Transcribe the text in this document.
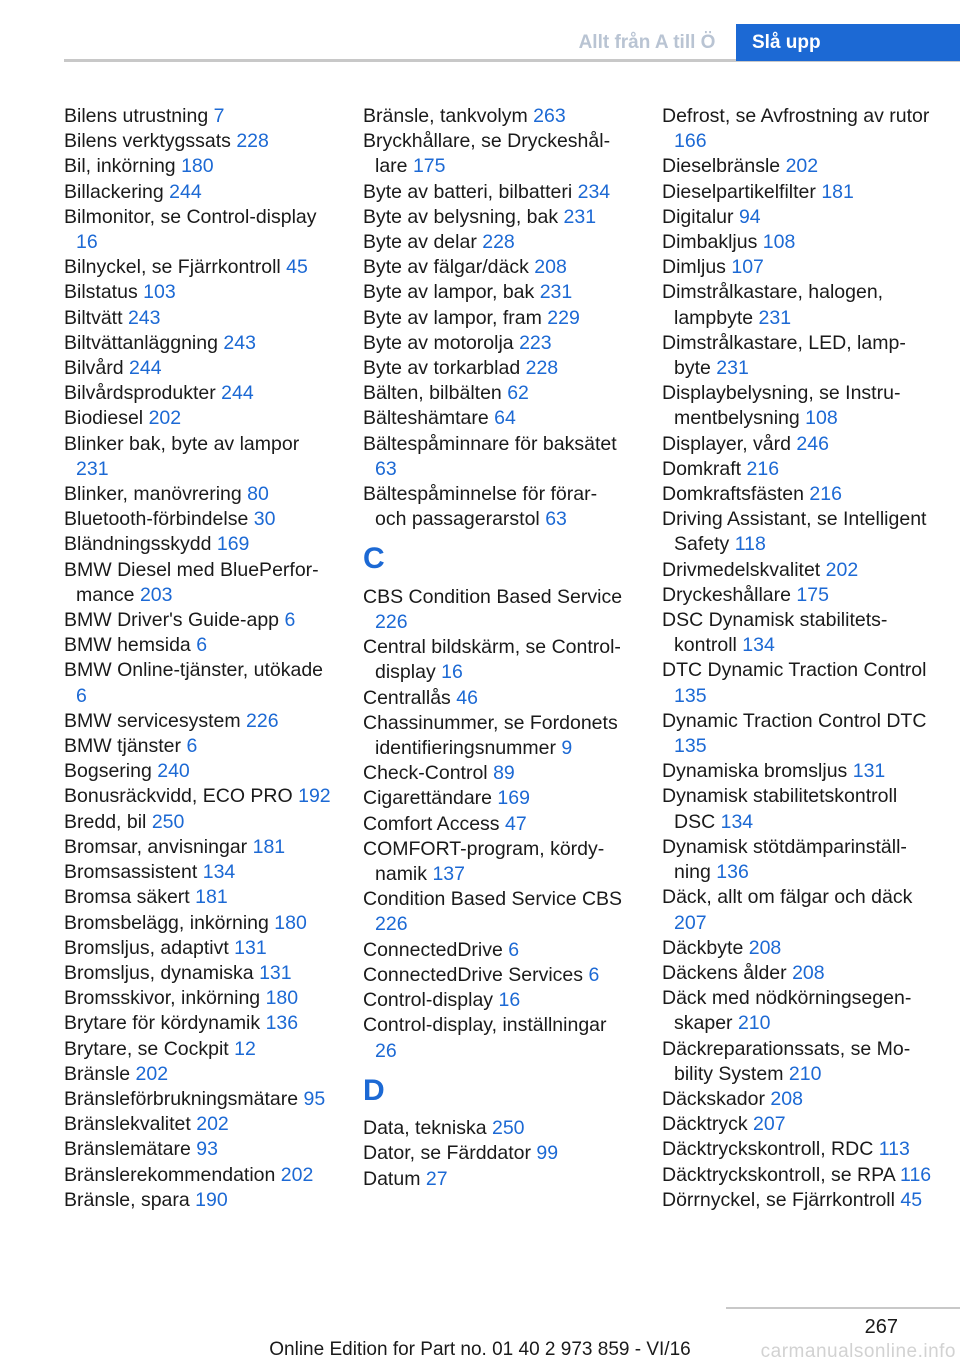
Allt från A till Ö	Slå upp
Bilens utrustning 7
Bilens verktygssats 228
Bil, inkörning 180
Billackering 244
Bilmonitor, se Control-display 16
Bilnyckel, se Fjärrkontroll 45
Bilstatus 103
Biltvätt 243
Biltvättanläggning 243
Bilvård 244
Bilvårdsprodukter 244
Biodiesel 202
Blinker bak, byte av lampor 231
Blinker, manövrering 80
Bluetooth-förbindelse 30
Bländningsskydd 169
BMW Diesel med BluePerformance 203
BMW Driver's Guide-app 6
BMW hemsida 6
BMW Online-tjänster, utökade 6
BMW servicesystem 226
BMW tjänster 6
Bogsering 240
Bonusräckvidd, ECO PRO 192
Bredd, bil 250
Bromsar, anvisningar 181
Bromsassistent 134
Bromsa säkert 181
Bromsbelägg, inkörning 180
Bromsljus, adaptivt 131
Bromsljus, dynamiska 131
Bromsskivor, inkörning 180
Brytare för kördynamik 136
Brytare, se Cockpit 12
Bränsle 202
Bränsleförbrukningsmätare 95
Bränslekvalitet 202
Bränslemätare 93
Bränslerekommendation 202
Bränsle, spara 190
Bränsle, tankvolym 263
Bryckhållare, se Dryckeshållare 175
Byte av batteri, bilbatteri 234
Byte av belysning, bak 231
Byte av delar 228
Byte av fälgar/däck 208
Byte av lampor, bak 231
Byte av lampor, fram 229
Byte av motorolja 223
Byte av torkarblad 228
Bälten, bilbälten 62
Bälteshämtare 64
Bältespåminnare för baksätet 63
Bältespåminnelse för förar- och passagerarstol 63
C
CBS Condition Based Service 226
Central bildskärm, se Control-display 16
Centrallås 46
Chassinummer, se Fordonets identifieringsnummer 9
Check-Control 89
Cigarettändare 169
Comfort Access 47
COMFORT-program, kördynamik 137
Condition Based Service CBS 226
ConnectedDrive 6
ConnectedDrive Services 6
Control-display 16
Control-display, inställningar 26
D
Data, tekniska 250
Dator, se Färddator 99
Datum 27
Defrost, se Avfrostning av rutor 166
Dieselbränsle 202
Dieselpartikelfilter 181
Digitalur 94
Dimbakljus 108
Dimljus 107
Dimstrålkastare, halogen, lampbyte 231
Dimstrålkastare, LED, lampbyte 231
Displaybelysning, se Instrumentbelysning 108
Displayer, vård 246
Domkraft 216
Domkraftsfästen 216
Driving Assistant, se Intelligent Safety 118
Drivmedelskvalitet 202
Dryckeshållare 175
DSC Dynamisk stabilitetskontroll 134
DTC Dynamic Traction Control 135
Dynamic Traction Control DTC 135
Dynamiska bromsljus 131
Dynamisk stabilitetskontroll DSC 134
Dynamisk stötdämparinställning 136
Däck, allt om fälgar och däck 207
Däckbyte 208
Däckens ålder 208
Däck med nödkörningsegenskaper 210
Däckreparationssats, se Mobility System 210
Däckskador 208
Däcktryck 207
Däcktryckskontroll, RDC 113
Däcktryckskontroll, se RPA 116
Dörrnyckel, se Fjärrkontroll 45
267
Online Edition for Part no. 01 40 2 973 859 - VI/16	carmanualsonline.info
